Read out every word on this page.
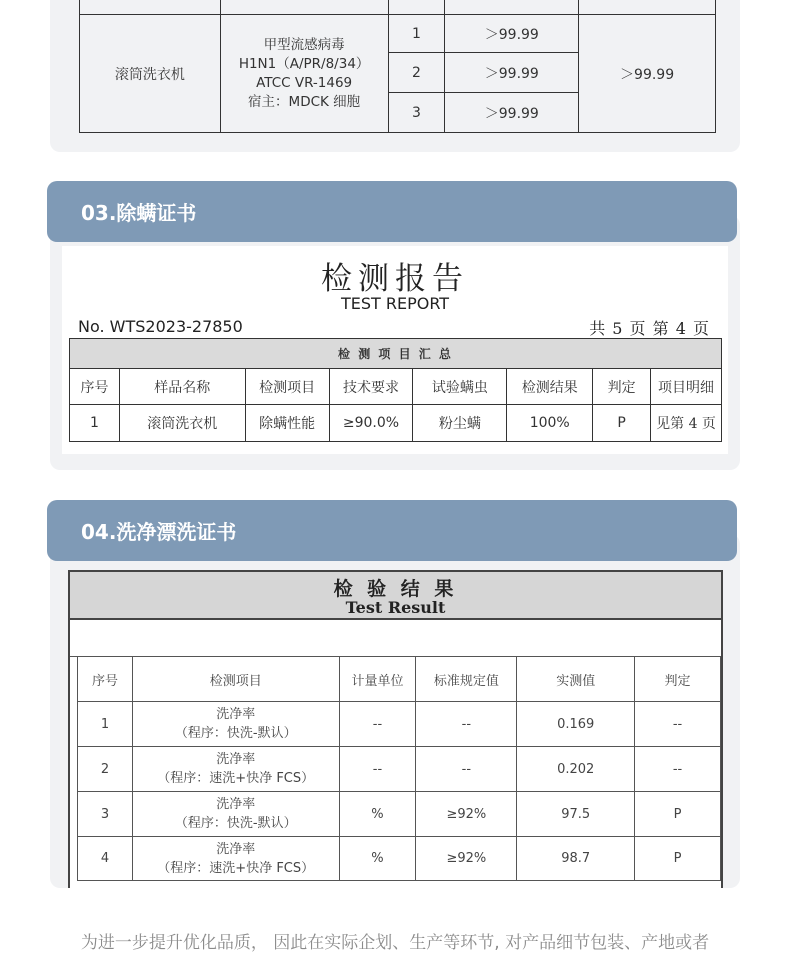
滚筒洗衣机	甲型流感病毒
H1N1（A/PR/8/34）
ATCC VR-1469
宿主：MDCK 细胞	1	＞99.99	＞99.99
		2	＞99.99	
		3	＞99.99	
03.除螨证书
检测报告
TEST REPORT
No. WTS2023-27850	共 5 页 第 4 页
检 测 项 目 汇 总							
序号	样品名称	检测项目	技术要求	试验螨虫	检测结果	判定	项目明细
1	滚筒洗衣机	除螨性能	≥90.0%	粉尘螨	100%	P	见第 4 页
04.洗净漂洗证书
检 验 结 果
Test Result
序号	检测项目	计量单位	标准规定值	实测值	判定
1	洗净率
（程序：快洗-默认）	--	--	0.169	--
2	洗净率
（程序：速洗+快净 FCS）	--	--	0.202	--
3	洗净率
（程序：快洗-默认）	%	≥92%	97.5	P
4	洗净率
（程序：速洗+快净 FCS）	%	≥92%	98.7	P
为进一步提升优化品质， 因此在实际企划、生产等环节, 对产品细节包装、产地或者
